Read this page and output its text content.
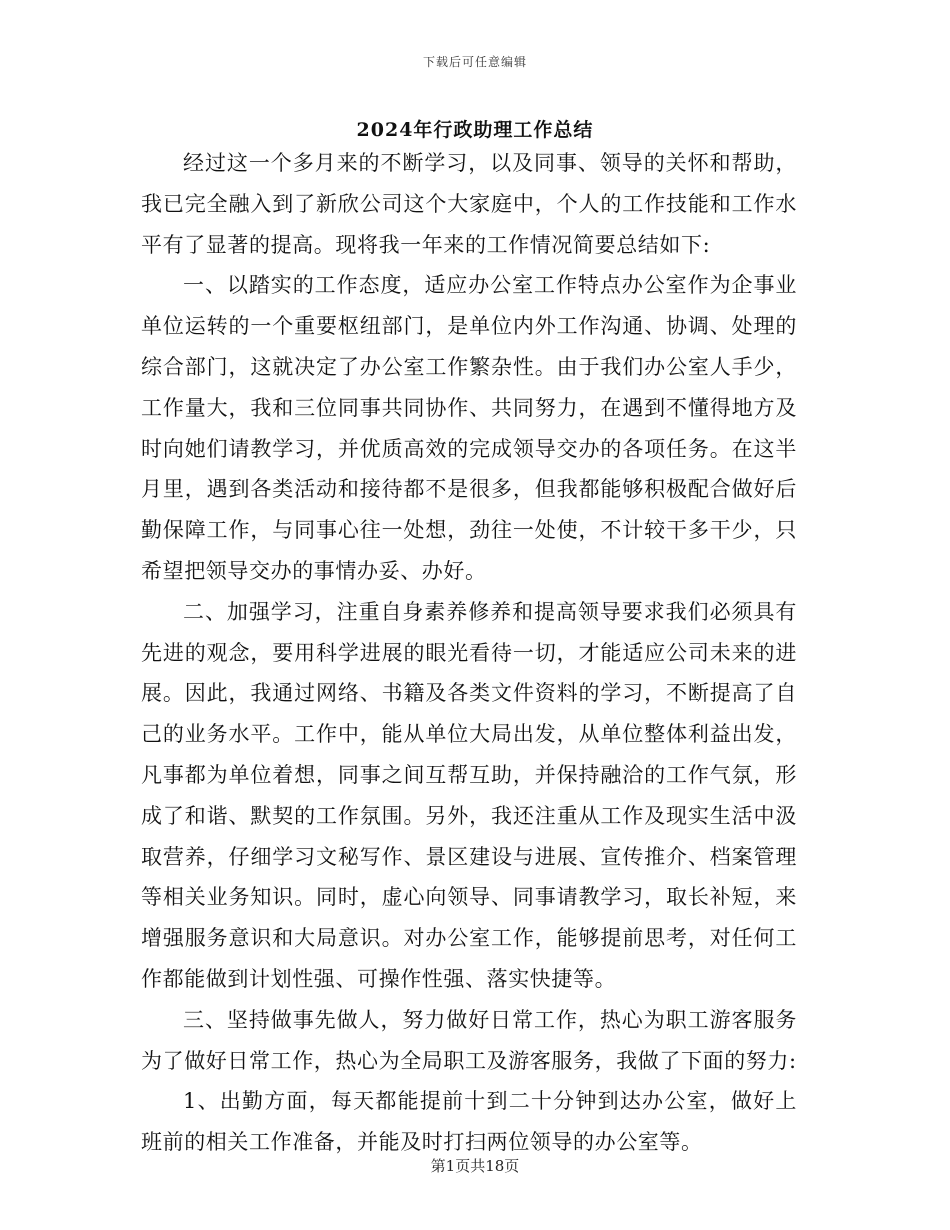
下载后可任意编辑
2024年行政助理工作总结

经过这一个多月来的不断学习，以及同事、领导的关怀和帮助，我已完全融入到了新欣公司这个大家庭中，个人的工作技能和工作水平有了显著的提高。现将我一年来的工作情况简要总结如下:

一、以踏实的工作态度，适应办公室工作特点办公室作为企事业单位运转的一个重要枢纽部门，是单位内外工作沟通、协调、处理的综合部门，这就决定了办公室工作繁杂性。由于我们办公室人手少，工作量大，我和三位同事共同协作、共同努力，在遇到不懂得地方及时向她们请教学习，并优质高效的完成领导交办的各项任务。在这半月里，遇到各类活动和接待都不是很多，但我都能够积极配合做好后勤保障工作，与同事心往一处想，劲往一处使，不计较干多干少，只希望把领导交办的事情办妥、办好。

二、加强学习，注重自身素养修养和提高领导要求我们必须具有先进的观念，要用科学进展的眼光看待一切，才能适应公司未来的进展。因此，我通过网络、书籍及各类文件资料的学习，不断提高了自己的业务水平。工作中，能从单位大局出发，从单位整体利益出发，凡事都为单位着想，同事之间互帮互助，并保持融洽的工作气氛，形成了和谐、默契的工作氛围。另外，我还注重从工作及现实生活中汲取营养，仔细学习文秘写作、景区建设与进展、宣传推介、档案管理等相关业务知识。同时，虚心向领导、同事请教学习，取长补短，来增强服务意识和大局意识。对办公室工作，能够提前思考，对任何工作都能做到计划性强、可操作性强、落实快捷等。

三、坚持做事先做人，努力做好日常工作，热心为职工游客服务为了做好日常工作，热心为全局职工及游客服务，我做了下面的努力:

1、出勤方面，每天都能提前十到二十分钟到达办公室，做好上班前的相关工作准备，并能及时打扫两位领导的办公室等。

第1页共18页
